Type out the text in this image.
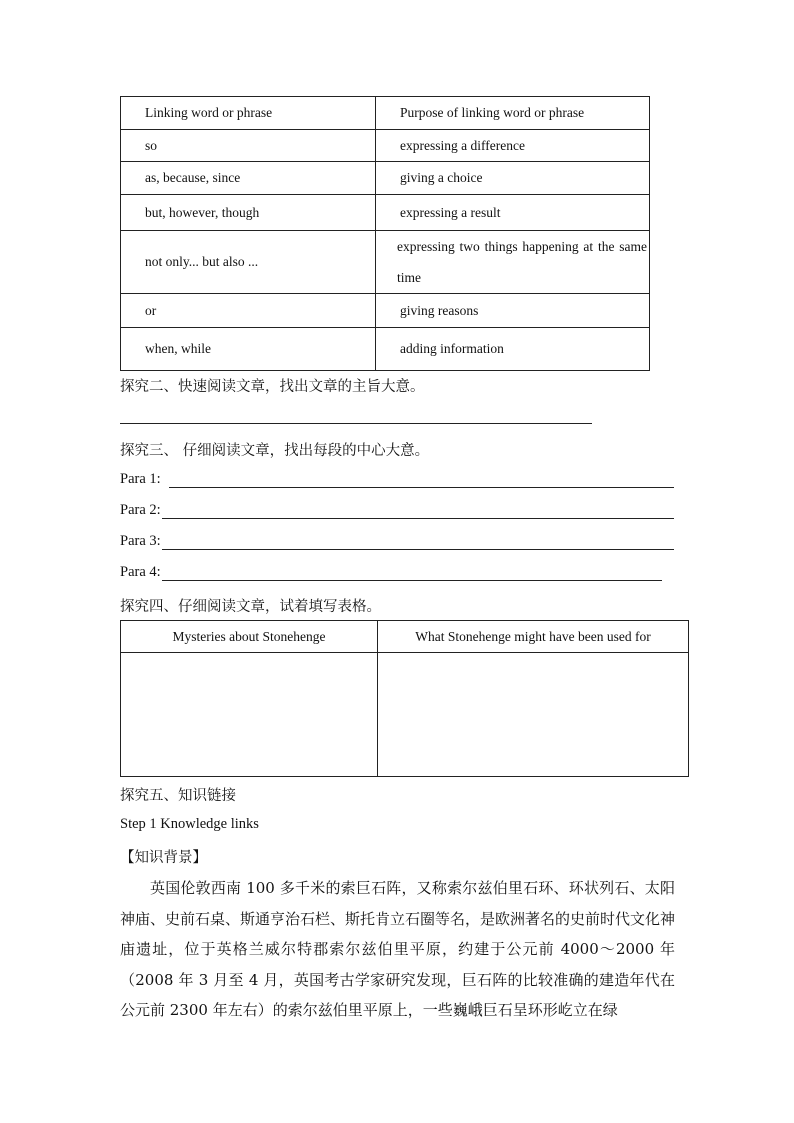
Linking word or phrase	Purpose of linking word or phrase
so	expressing a difference
as, because, since	giving a choice
but, however, though	expressing a result
not only... but also ...	expressing two things happening at the same time
or	giving reasons
when, while	adding information
探究二、快速阅读文章，找出文章的主旨大意。
探究三、 仔细阅读文章，找出每段的中心大意。
Para 1:
Para 2:
Para 3:
Para 4:
探究四、仔细阅读文章，试着填写表格。
Mysteries about Stonehenge	What Stonehenge might have been used for

探究五、知识链接
Step 1 Knowledge links
【知识背景】

英国伦敦西南 100 多千米的索巨石阵，又称索尔兹伯里石环、环状列石、太阳神庙、史前石桌、斯通亨治石栏、斯托肯立石圈等名，是欧洲著名的史前时代文化神庙遗址，位于英格兰威尔特郡索尔兹伯里平原，约建于公元前 4000～2000 年（2008 年 3 月至 4 月，英国考古学家研究发现，巨石阵的比较准确的建造年代在公元前 2300 年左右）的索尔兹伯里平原上，一些巍峨巨石呈环形屹立在绿
